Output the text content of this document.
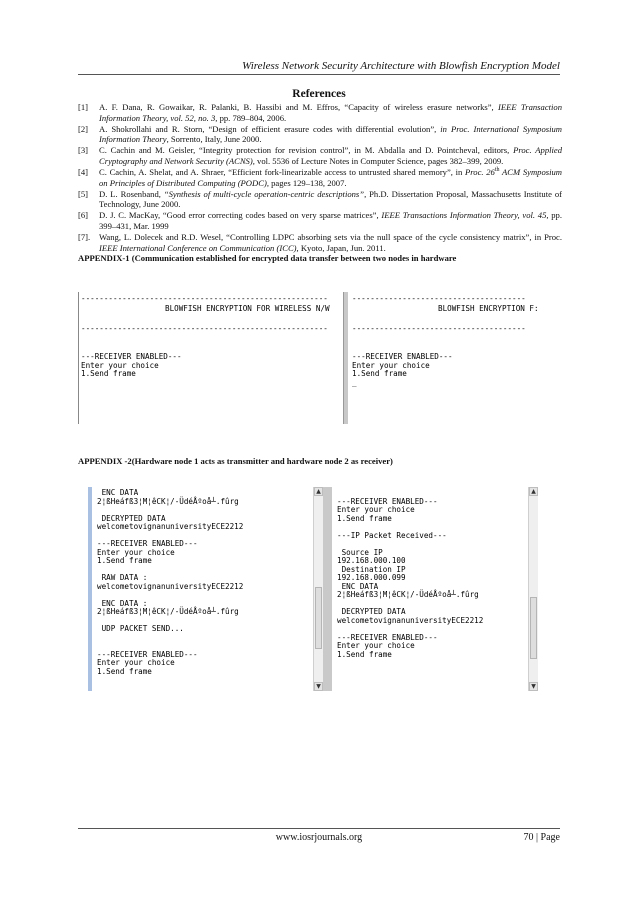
Wireless Network Security Architecture with Blowfish Encryption Model
References
[1] A. F. Dana, R. Gowaikar, R. Palanki, B. Hassibi and M. Effros, “Capacity of wireless erasure networks”, IEEE Transaction Information Theory, vol. 52, no. 3, pp. 789–804, 2006.
[2] A. Shokrollahi and R. Storn, “Design of efficient erasure codes with differential evolution”, in Proc. International Symposium Information Theory, Sorrento, Italy, June 2000.
[3] C. Cachin and M. Geisler, “Integrity protection for revision control”, in M. Abdalla and D. Pointcheval, editors, Proc. Applied Cryptography and Network Security (ACNS), vol. 5536 of Lecture Notes in Computer Science, pages 382–399, 2009.
[4] C. Cachin, A. Shelat, and A. Shraer, “Efficient fork-linearizable access to untrusted shared memory”, in Proc. 26th ACM Symposium on Principles of Distributed Computing (PODC), pages 129–138, 2007.
[5] D. L. Rosenband, “Synthesis of multi-cycle operation-centric descriptions”, Ph.D. Dissertation Proposal, Massachusetts Institute of Technology, June 2000.
[6] D. J. C. MacKay, “Good error correcting codes based on very sparse matrices”, IEEE Transactions Information Theory, vol. 45, pp. 399–431, Mar. 1999
[7]. Wang, L. Dolecek and R.D. Wesel, “Controlling LDPC absorbing sets via the null space of the cycle consistency matrix”, in Proc. IEEE International Conference on Communication (ICC), Kyoto, Japan, Jun. 2011.
APPENDIX-1 (Communication established for encrypted data transfer between two nodes in hardware
------------------------------------------------------
BLOWFISH ENCRYPTION FOR WIRELESS N/W
------------------------------------------------------
---RECEIVER ENABLED---
Enter your choice
1.Send frame
--------------------------------------
BLOWFISH ENCRYPTION F:
--------------------------------------
---RECEIVER ENABLED---
Enter your choice
1.Send frame
_
APPENDIX -2(Hardware node 1 acts as transmitter and hardware node 2 as receiver)
ENC DATA
2¦ßHeáfß3¦M¦êCK¦/-ÜdéÅºoå┴.fûrg

DECRYPTED DATA
welcometovignanuniversityECE2212

---RECEIVER ENABLED---
Enter your choice
1.Send frame

RAW DATA :
welcometovignanuniversityECE2212

ENC DATA :
2¦ßHeáfß3¦M¦êCK¦/-ÜdéÅºoå┴.fûrg

UDP PACKET SEND...

---RECEIVER ENABLED---
Enter your choice
1.Send frame
▲
▼

---RECEIVER ENABLED---
Enter your choice
1.Send frame

---IP Packet Received---

Source IP
192.168.000.100
Destination IP
192.168.000.099
ENC DATA
2¦ßHeáfß3¦M¦êCK¦/-ÜdéÅºoå┴.fûrg

DECRYPTED DATA
welcometovignanuniversityECE2212

---RECEIVER ENABLED---
Enter your choice
1.Send frame
▲
▼
www.iosrjournals.org	70 | Page
